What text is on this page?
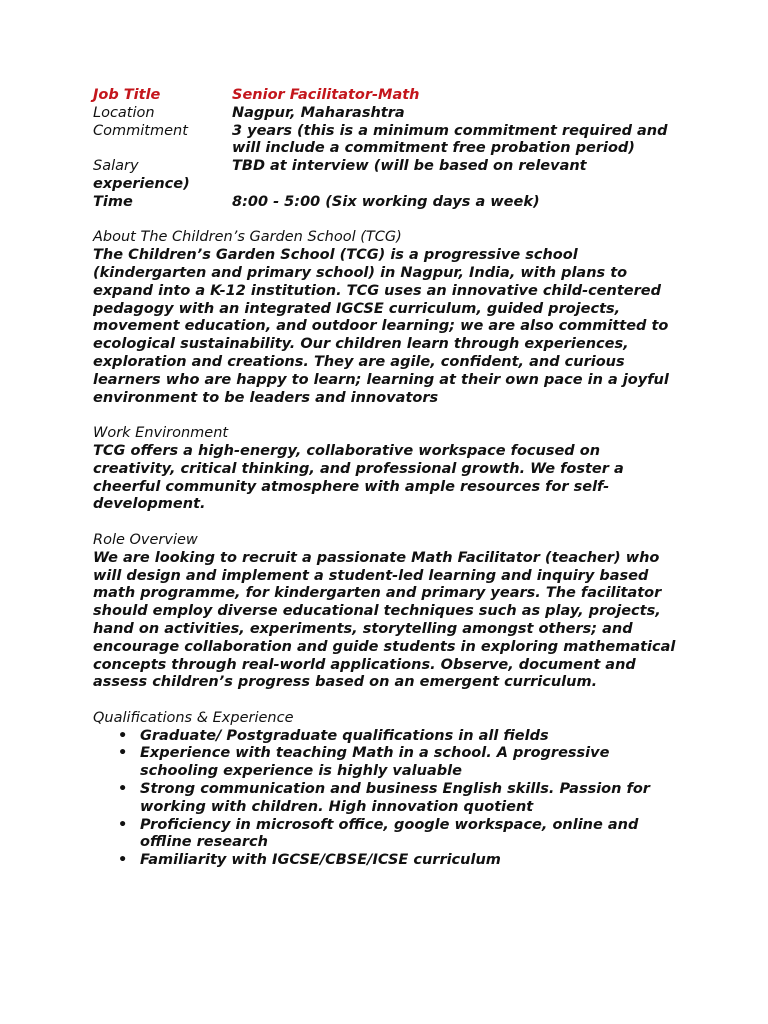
Job Title	Senior Facilitator-Math
Location	Nagpur, Maharashtra
Commitment	3 years (this is a minimum commitment required and will include a commitment free probation period)
Salary	TBD at interview (will be based on relevant
experience)	
Time	8:00 - 5:00 (Six working days a week)
About The Children’s Garden School (TCG)
The Children’s Garden School (TCG) is a progressive school (kindergarten and primary school) in Nagpur, India, with plans to expand into a K-12 institution. TCG uses an innovative child-centered pedagogy with an integrated IGCSE curriculum, guided projects, movement education, and outdoor learning; we are also committed to ecological sustainability. Our children learn through experiences, exploration and creations. They are agile, confident, and curious learners who are happy to learn; learning at their own pace in a joyful environment to be leaders and innovators
Work Environment
TCG offers a high-energy, collaborative workspace focused on creativity, critical thinking, and professional growth. We foster a cheerful community atmosphere with ample resources for self-development.
Role Overview
We are looking to recruit a passionate Math Facilitator (teacher) who will design and implement a student-led learning and inquiry based math programme, for kindergarten and primary years. The facilitator should employ diverse educational techniques such as play, projects, hand on activities, experiments, storytelling amongst others; and encourage collaboration and guide students in exploring mathematical concepts through real-world applications. Observe, document and assess children’s progress based on an emergent curriculum.
Qualifications & Experience
• Graduate/ Postgraduate qualifications in all fields
• Experience with teaching Math in a school. A progressive schooling experience is highly valuable
• Strong communication and business English skills. Passion for working with children. High innovation quotient
• Proficiency in microsoft office, google workspace, online and offline research
• Familiarity with IGCSE/CBSE/ICSE curriculum
